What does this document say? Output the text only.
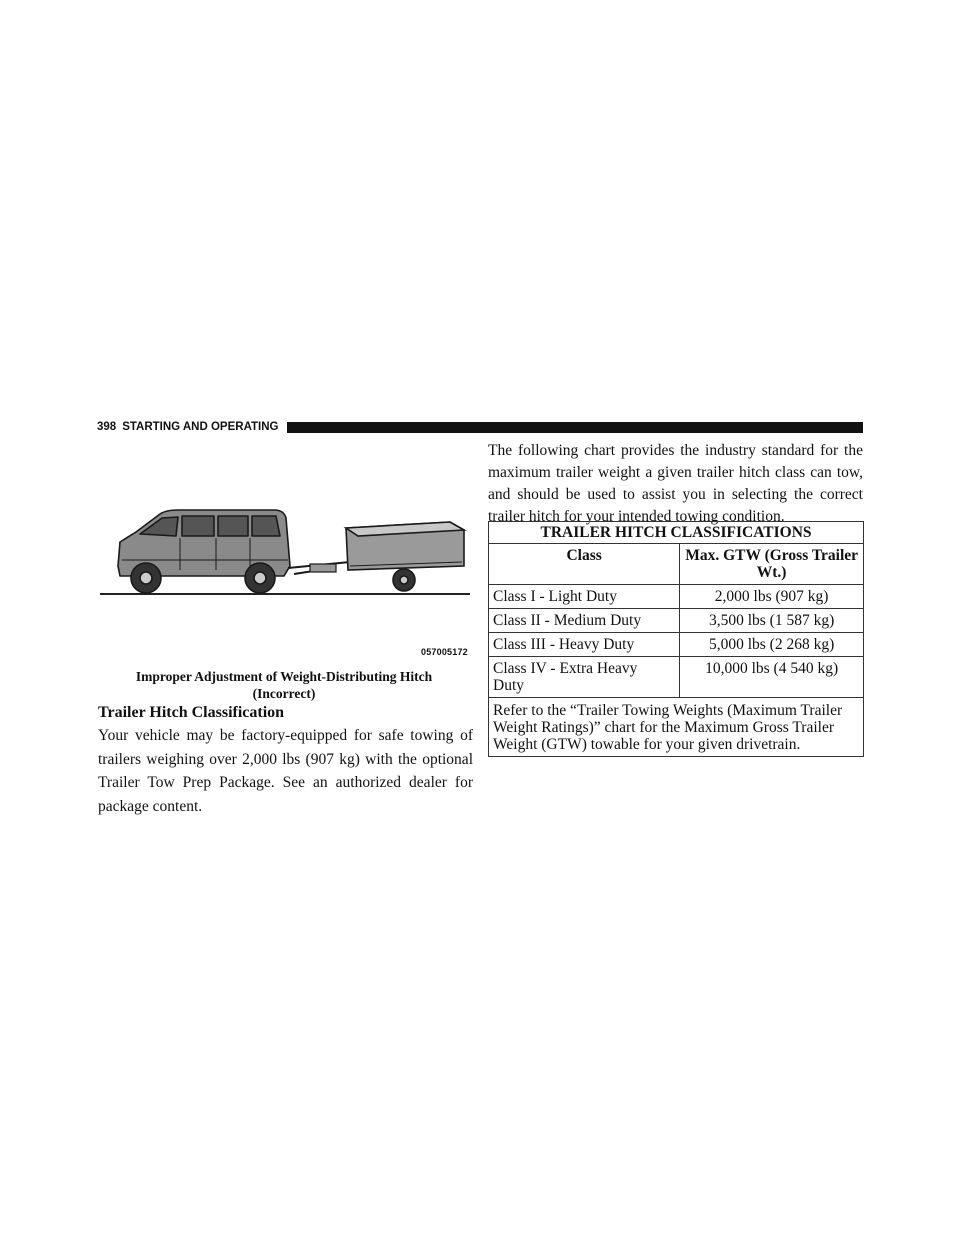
398 STARTING AND OPERATING
057005172
Improper Adjustment of Weight-Distributing Hitch
(Incorrect)
Trailer Hitch Classification

Your vehicle may be factory-equipped for safe towing of trailers weighing over 2,000 lbs (907 kg) with the optional Trailer Tow Prep Package. See an authorized dealer for package content.

The following chart provides the industry standard for the maximum trailer weight a given trailer hitch class can tow, and should be used to assist you in selecting the correct trailer hitch for your intended towing condition.

TRAILER HITCH CLASSIFICATIONS	
Class	Max. GTW (Gross Trailer Wt.)
Class I - Light Duty	2,000 lbs (907 kg)
Class II - Medium Duty	3,500 lbs (1 587 kg)
Class III - Heavy Duty	5,000 lbs (2 268 kg)
Class IV - Extra Heavy Duty	10,000 lbs (4 540 kg)
Refer to the “Trailer Towing Weights (Maximum Trailer Weight Ratings)” chart for the Maximum Gross Trailer Weight (GTW) towable for your given drivetrain.	
